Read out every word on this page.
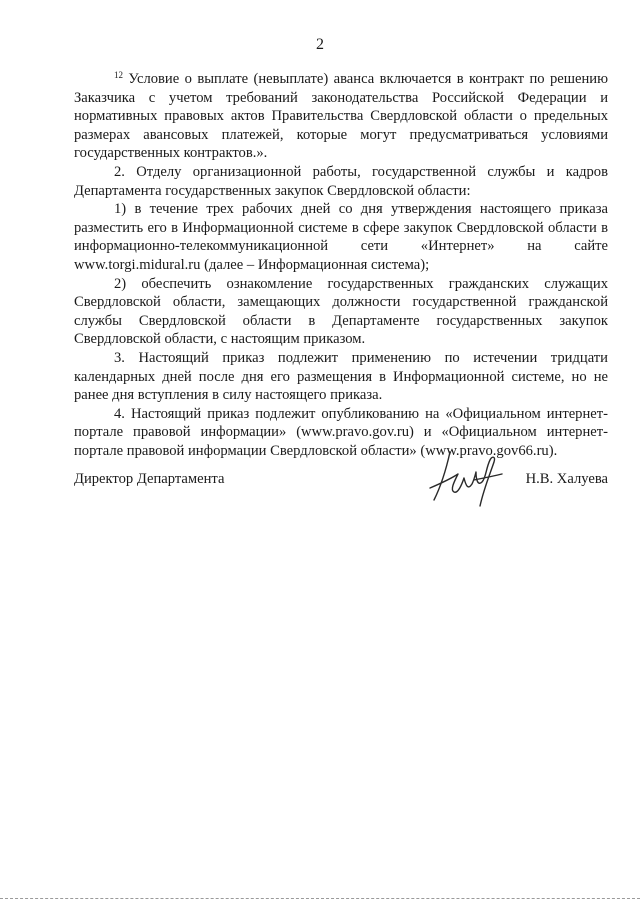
2

$^{12}$ Условие о выплате (невыплате) аванса включается в контракт по решению Заказчика с учетом требований законодательства Российской Федерации и нормативных правовых актов Правительства Свердловской области о предельных размерах авансовых платежей, которые могут предусматриваться условиями государственных контрактов.».

2. Отделу организационной работы, государственной службы и кадров Департамента государственных закупок Свердловской области:

1) в течение трех рабочих дней со дня утверждения настоящего приказа разместить его в Информационной системе в сфере закупок Свердловской области в информационно-телекоммуникационной сети «Интернет» на сайте www.torgi.midural.ru (далее – Информационная система);

2) обеспечить ознакомление государственных гражданских служащих Свердловской области, замещающих должности государственной гражданской службы Свердловской области в Департаменте государственных закупок Свердловской области, с настоящим приказом.

3. Настоящий приказ подлежит применению по истечении тридцати календарных дней после дня его размещения в Информационной системе, но не ранее дня вступления в силу настоящего приказа.

4. Настоящий приказ подлежит опубликованию на «Официальном интернет-портале правовой информации» (www.pravo.gov.ru) и «Официальном интернет-портале правовой информации Свердловской области» (www.pravo.gov66.ru).

Директор Департамента	Н.В. Халуева
